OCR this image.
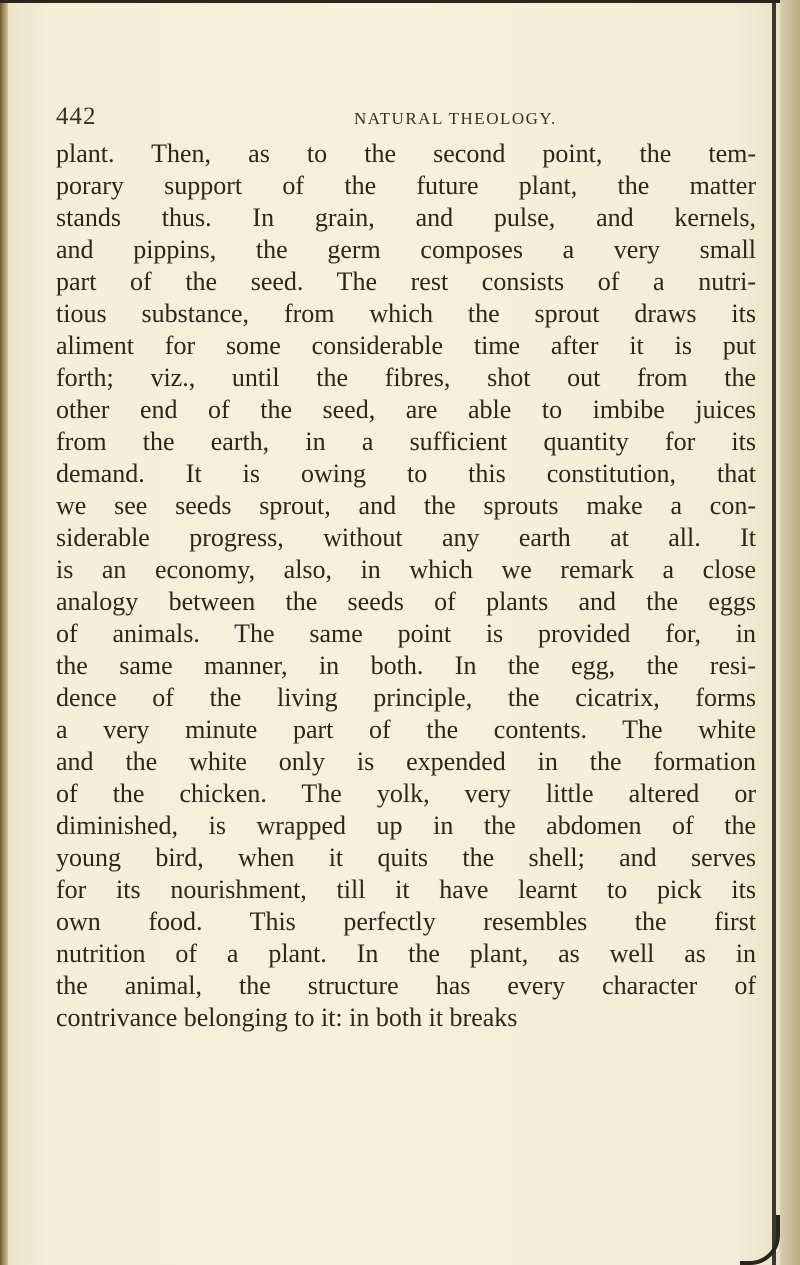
442	NATURAL THEOLOGY.
plant. Then, as to the second point, the tem-
porary support of the future plant, the matter
stands thus. In grain, and pulse, and kernels,
and pippins, the germ composes a very small
part of the seed. The rest consists of a nutri-
tious substance, from which the sprout draws its
aliment for some considerable time after it is put
forth; viz., until the fibres, shot out from the
other end of the seed, are able to imbibe juices
from the earth, in a sufficient quantity for its
demand. It is owing to this constitution, that
we see seeds sprout, and the sprouts make a con-
siderable progress, without any earth at all. It
is an economy, also, in which we remark a close
analogy between the seeds of plants and the eggs
of animals. The same point is provided for, in
the same manner, in both. In the egg, the resi-
dence of the living principle, the cicatrix, forms
a very minute part of the contents. The white
and the white only is expended in the formation
of the chicken. The yolk, very little altered or
diminished, is wrapped up in the abdomen of the
young bird, when it quits the shell; and serves
for its nourishment, till it have learnt to pick its
own food. This perfectly resembles the first
nutrition of a plant. In the plant, as well as in
the animal, the structure has every character of
contrivance belonging to it: in both it breaks
